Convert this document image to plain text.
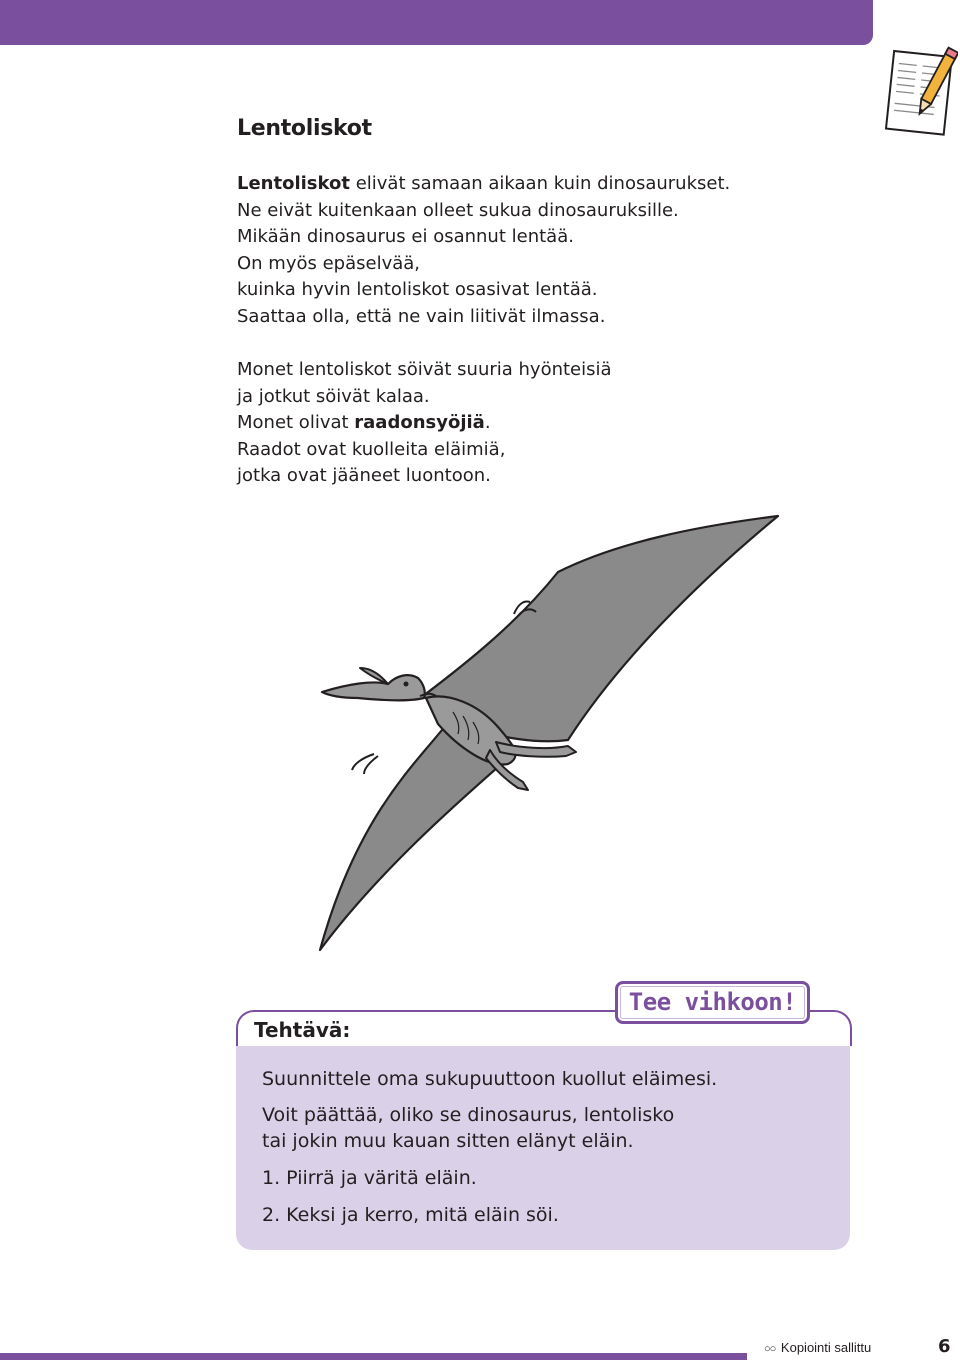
Lentoliskot

Lentoliskot elivät samaan aikaan kuin dinosaurukset.
Ne eivät kuitenkaan olleet sukua dinosauruksille.
Mikään dinosaurus ei osannut lentää.
On myös epäselvää,
kuinka hyvin lentoliskot osasivat lentää.
Saattaa olla, että ne vain liitivät ilmassa.

Monet lentoliskot söivät suuria hyönteisiä
ja jotkut söivät kalaa.
Monet olivat raadonsyöjiä.
Raadot ovat kuolleita eläimiä,
jotka ovat jääneet luontoon.

Tehtävä:

Suunnittele oma sukupuuttoon kuollut eläimesi.

Voit päättää, oliko se dinosaurus, lentolisko
tai jokin muu kauan sitten elänyt eläin.

1. Piirrä ja väritä eläin.

2. Keksi ja kerro, mitä eläin söi.

Tee vihkoon!
○○ Kopiointi sallittu	6
